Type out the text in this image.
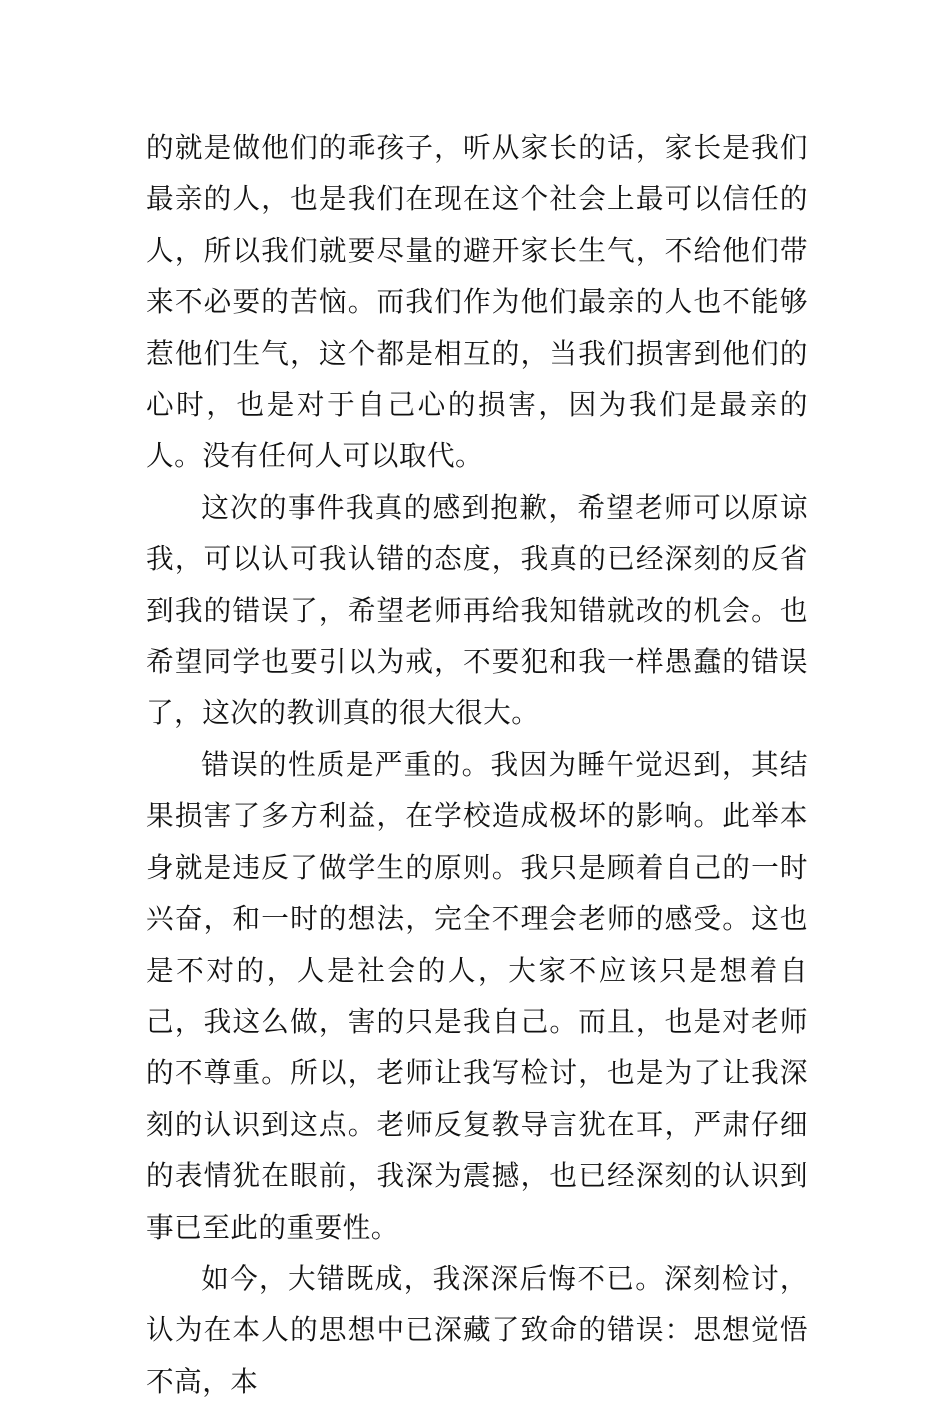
的就是做他们的乖孩子，听从家长的话，家长是我们最亲的人，也是我们在现在这个社会上最可以信任的人，所以我们就要尽量的避开家长生气，不给他们带来不必要的苦恼。而我们作为他们最亲的人也不能够惹他们生气，这个都是相互的，当我们损害到他们的心时，也是对于自己心的损害，因为我们是最亲的人。没有任何人可以取代。

这次的事件我真的感到抱歉，希望老师可以原谅我，可以认可我认错的态度，我真的已经深刻的反省到我的错误了，希望老师再给我知错就改的机会。也希望同学也要引以为戒，不要犯和我一样愚蠢的错误了，这次的教训真的很大很大。

错误的性质是严重的。我因为睡午觉迟到，其结果损害了多方利益，在学校造成极坏的影响。此举本身就是违反了做学生的原则。我只是顾着自己的一时兴奋，和一时的想法，完全不理会老师的感受。这也是不对的，人是社会的人，大家不应该只是想着自己，我这么做，害的只是我自己。而且，也是对老师的不尊重。所以，老师让我写检讨，也是为了让我深刻的认识到这点。老师反复教导言犹在耳，严肃仔细的表情犹在眼前，我深为震撼，也已经深刻的认识到事已至此的重要性。

如今，大错既成，我深深后悔不已。深刻检讨，认为在本人的思想中已深藏了致命的错误：思想觉悟不高，本
